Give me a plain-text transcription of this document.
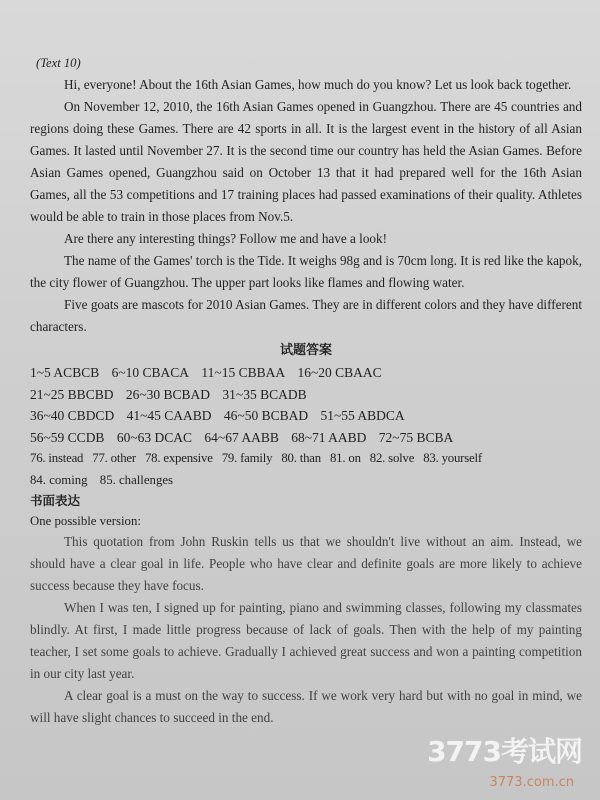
(Text 10)

Hi, everyone! About the 16th Asian Games, how much do you know? Let us look back together.

On November 12, 2010, the 16th Asian Games opened in Guangzhou. There are 45 countries and regions doing these Games. There are 42 sports in all. It is the largest event in the history of all Asian Games. It lasted until November 27. It is the second time our country has held the Asian Games. Before Asian Games opened, Guangzhou said on October 13 that it had prepared well for the 16th Asian Games, all the 53 competitions and 17 training places had passed examinations of their quality. Athletes would be able to train in those places from Nov.5.

Are there any interesting things? Follow me and have a look!

The name of the Games' torch is the Tide. It weighs 98g and is 70cm long. It is red like the kapok, the city flower of Guangzhou. The upper part looks like flames and flowing water.

Five goats are mascots for 2010 Asian Games. They are in different colors and they have different characters.

试题答案

1~5 ACBCB 6~10 CBACA 11~15 CBBAA 16~20 CBAAC
21~25 BBCBD 26~30 BCBAD 31~35 BCADB
36~40 CBDCD 41~45 CAABD 46~50 BCBAD 51~55 ABDCA
56~59 CCDB 60~63 DCAC 64~67 AABB 68~71 AABD 72~75 BCBA
76. instead 77. other 78. expensive 79. family 80. than 81. on 82. solve 83. yourself
84. coming 85. challenges

书面表达

One possible version:

This quotation from John Ruskin tells us that we shouldn't live without an aim. Instead, we should have a clear goal in life. People who have clear and definite goals are more likely to achieve success because they have focus.

When I was ten, I signed up for painting, piano and swimming classes, following my classmates blindly. At first, I made little progress because of lack of goals. Then with the help of my painting teacher, I set some goals to achieve. Gradually I achieved great success and won a painting competition in our city last year.

A clear goal is a must on the way to success. If we work very hard but with no goal in mind, we will have slight chances to succeed in the end.

3773考试网
3773.com.cn
